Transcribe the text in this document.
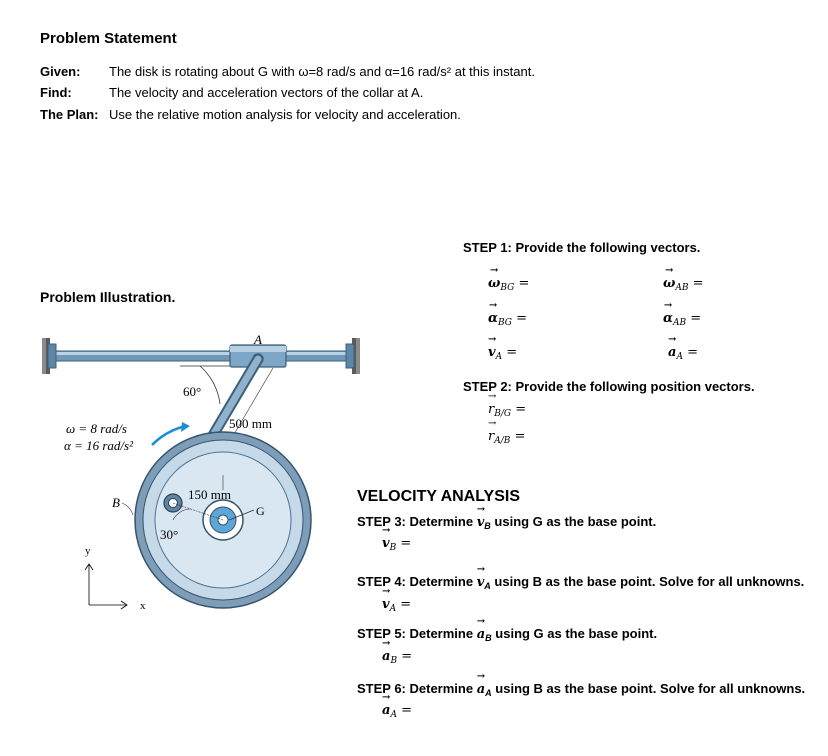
Problem Statement
Given: The disk is rotating about G with ω=8 rad/s and α=16 rad/s² at this instant.
Find:	The velocity and acceleration vectors of the collar at A.
The Plan: Use the relative motion analysis for velocity and acceleration.
Problem Illustration.
A
60°
500 mm
ω = 8 rad/s
α = 16 rad/s²
B
150 mm
G
30°
y
x
STEP 1: Provide the following vectors.
→ $\omega_{BG}$ =	→ $\omega_{AB}$ =
→ $\alpha_{BG}$ =	→ $\alpha_{AB}$ =
→ $v_A$ =	→ $a_A$ =
STEP 2: Provide the following position vectors.
→ $r_{B/G}$ =
→ $r_{A/B}$ =
VELOCITY ANALYSIS
STEP 3: Determine → $v_B$ using G as the base point.
→ $v_B$ =
STEP 4: Determine → $v_A$ using B as the base point. Solve for all unknowns.
→ $v_A$ =
STEP 5: Determine → $a_B$ using G as the base point.
→ $a_B$ =
STEP 6: Determine → $a_A$ using B as the base point. Solve for all unknowns.
→ $a_A$ =
